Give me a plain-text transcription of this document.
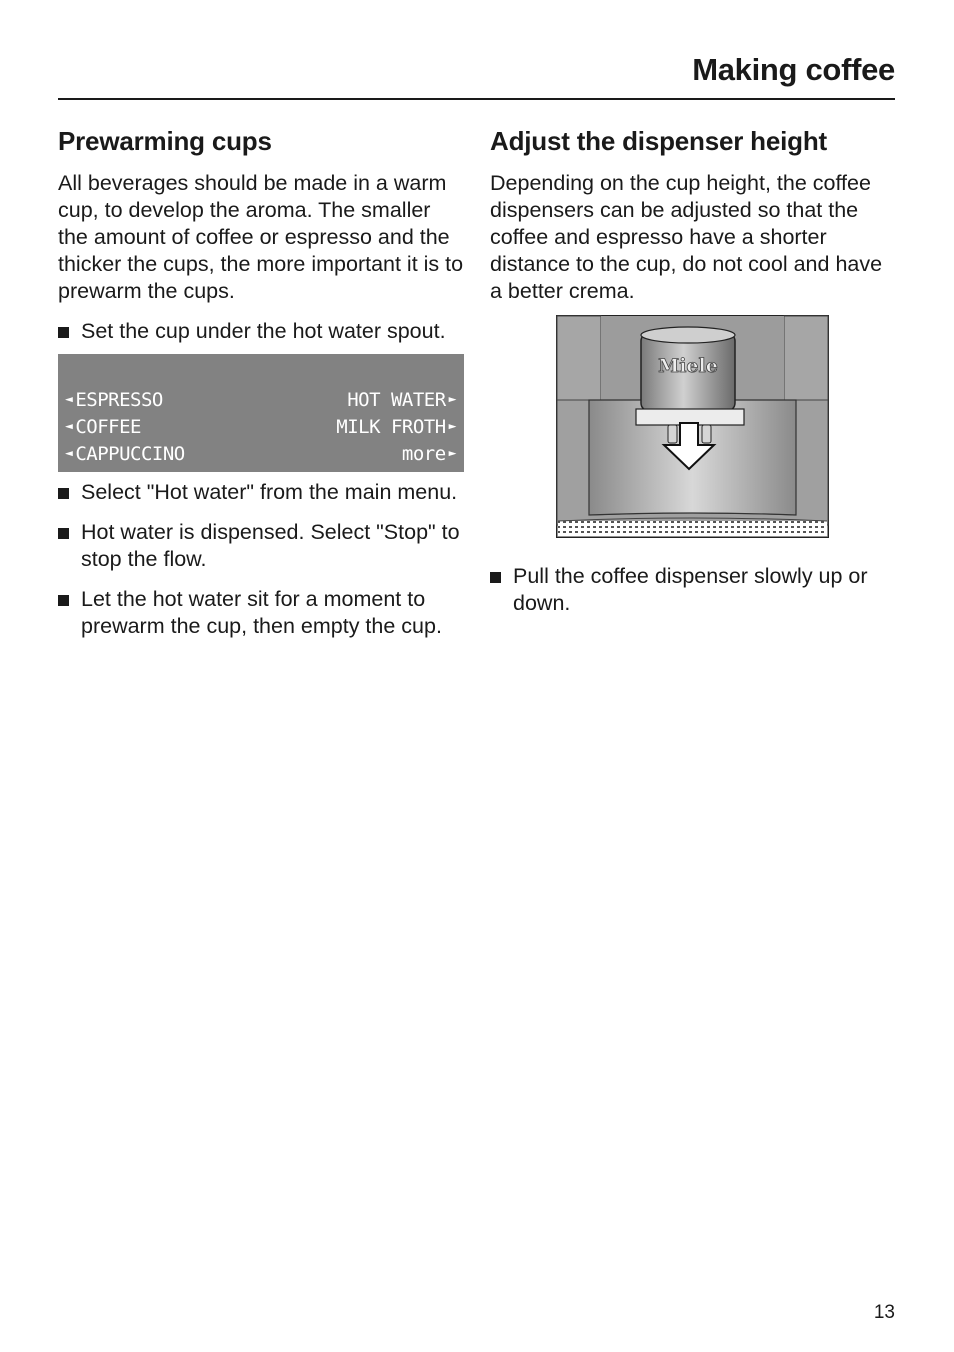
Making coffee
Prewarming cups

All beverages should be made in a warm cup, to develop the aroma. The smaller the amount of coffee or espresso and the thicker the cups, the more important it is to prewarm the cups.

Set the cup under the hot water spout.
◄ ESPRESSO	HOT WATER ►
◄ COFFEE	MILK FROTH ►
◄ CAPPUCCINO	more ►
Select "Hot water" from the main menu.
Hot water is dispensed. Select "Stop" to stop the flow.
Let the hot water sit for a moment to prewarm the cup, then empty the cup.
Adjust the dispenser height

Depending on the cup height, the coffee dispensers can be adjusted so that the coffee and espresso have a shorter distance to the cup, do not cool and have a better crema.

Miele
Pull the coffee dispenser slowly up or down.
13
